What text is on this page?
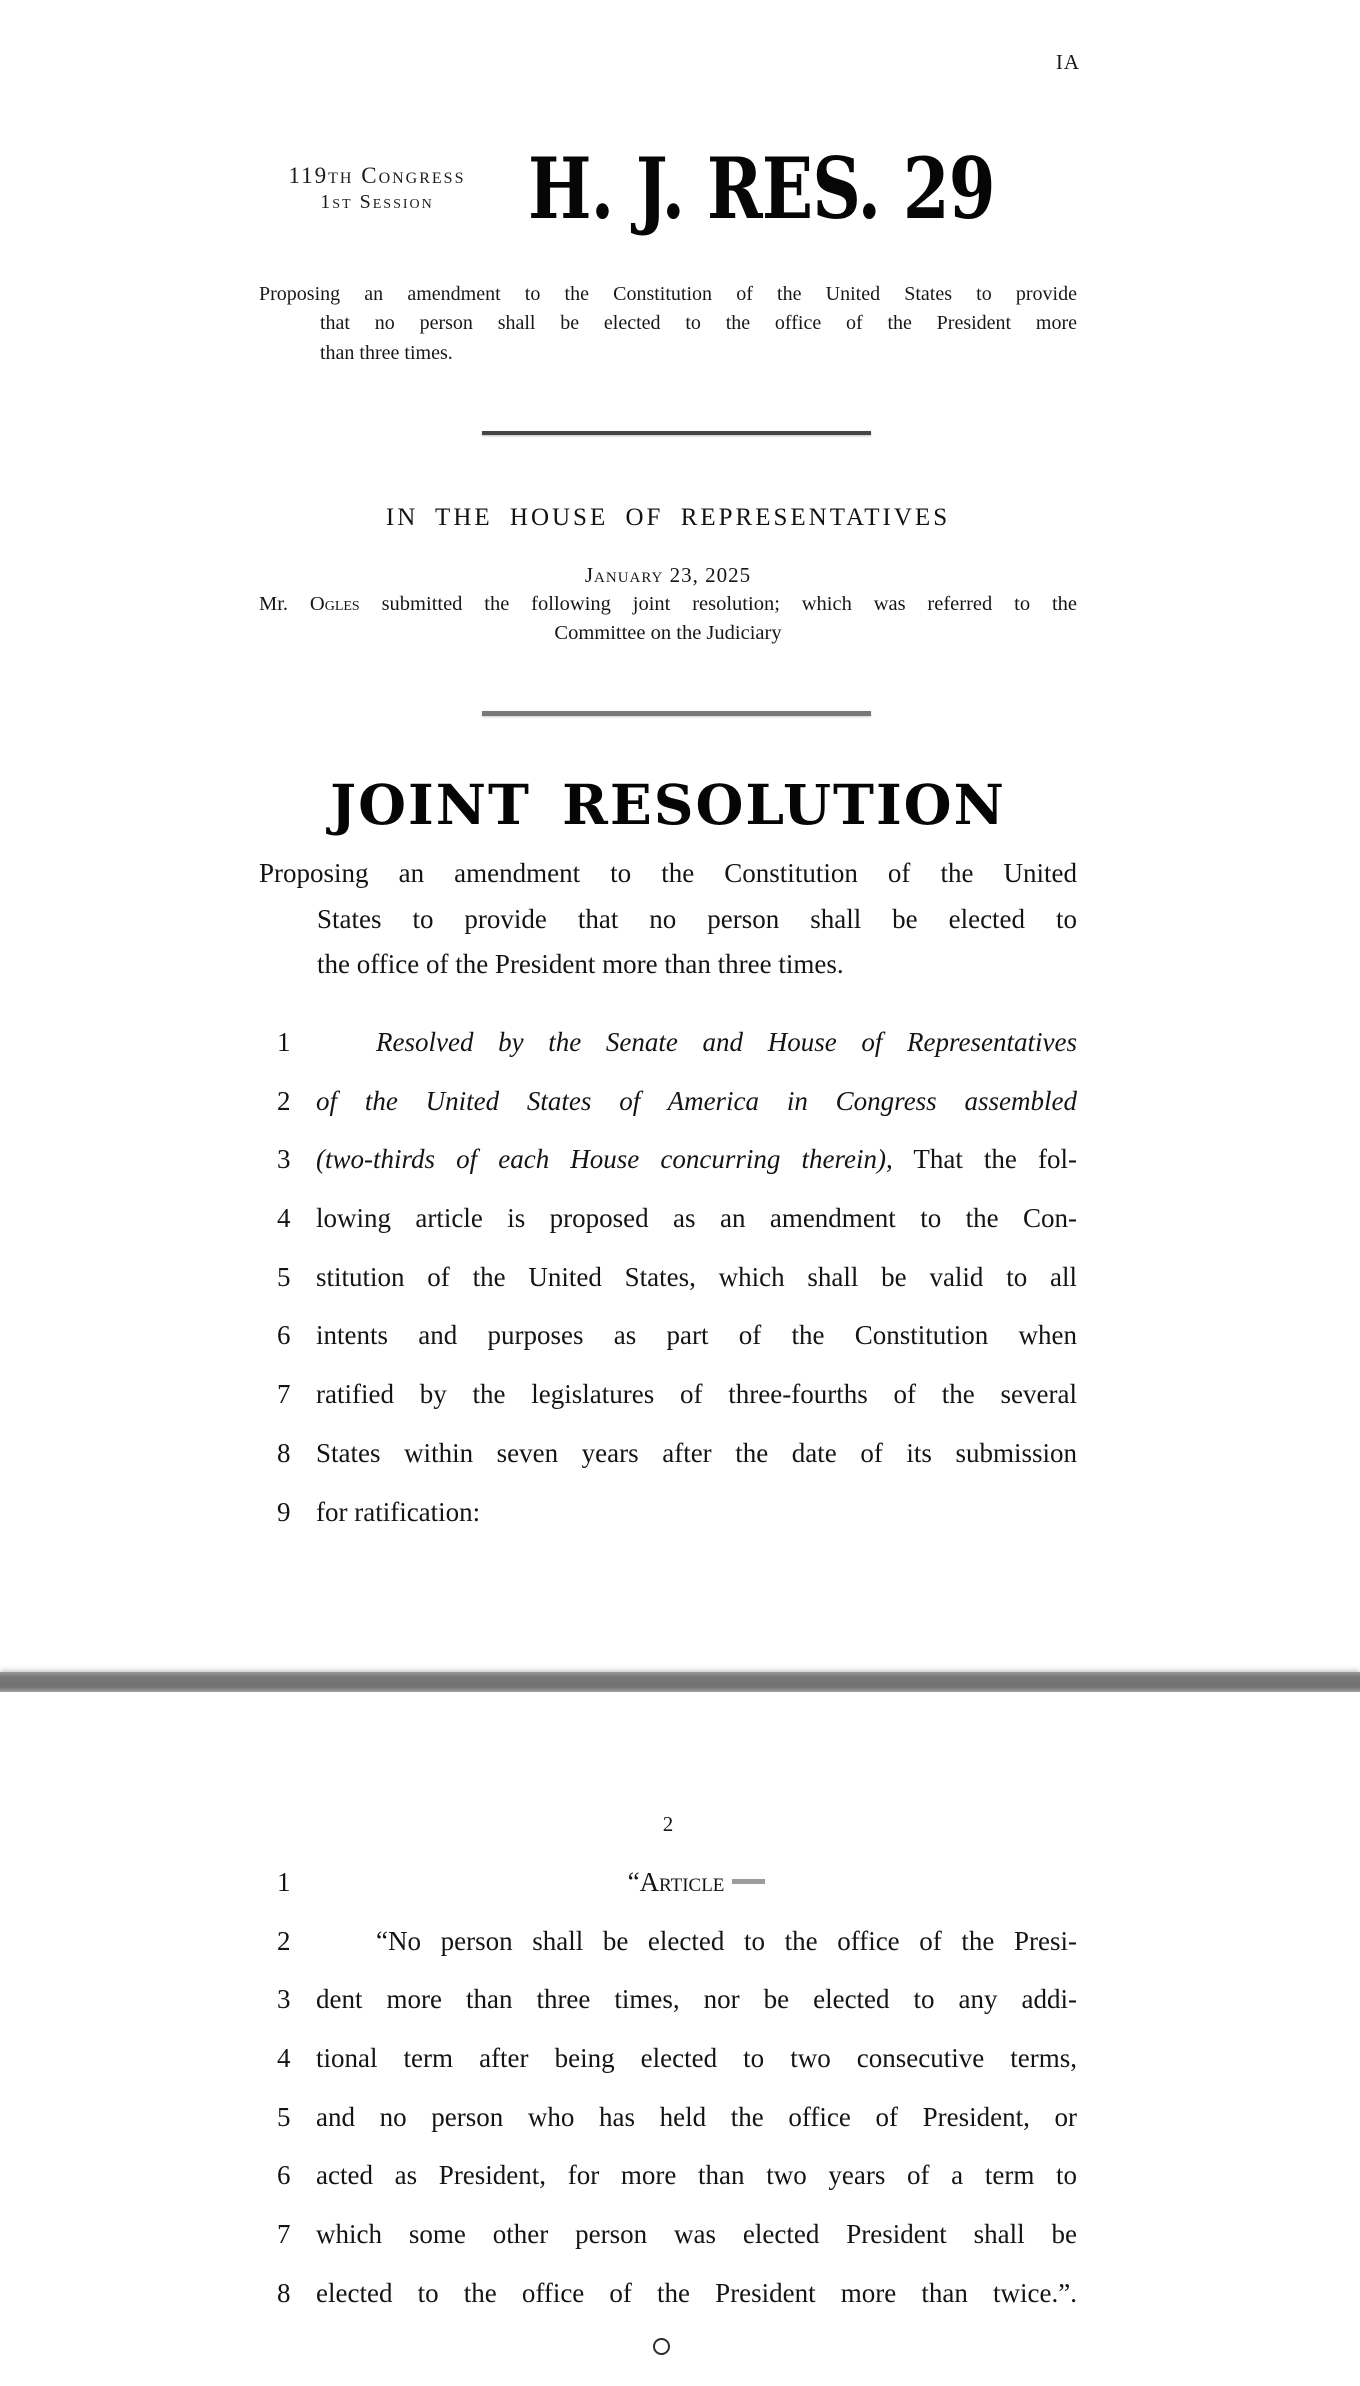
IA
119th Congress
1st Session	H. J. RES. 29
Proposing an amendment to the Constitution of the United States to provide
that no person shall be elected to the office of the President more
than three times.
IN THE HOUSE OF REPRESENTATIVES
January 23, 2025
Mr. Ogles submitted the following joint resolution; which was referred to the
Committee on the Judiciary
JOINT RESOLUTION
Proposing an amendment to the Constitution of the United
States to provide that no person shall be elected to
the office of the President more than three times.
1	Resolved by the Senate and House of Representatives
2 of the United States of America in Congress assembled
3 (two-thirds of each House concurring therein), That the fol-
4 lowing article is proposed as an amendment to the Con-
5 stitution of the United States, which shall be valid to all
6 intents and purposes as part of the Constitution when
7 ratified by the legislatures of three-fourths of the several
8 States within seven years after the date of its submission
9 for ratification:
2
1	“Article
2	“No person shall be elected to the office of the Presi-
3 dent more than three times, nor be elected to any addi-
4 tional term after being elected to two consecutive terms,
5 and no person who has held the office of President, or
6 acted as President, for more than two years of a term to
7 which some other person was elected President shall be
8 elected to the office of the President more than twice.”.
